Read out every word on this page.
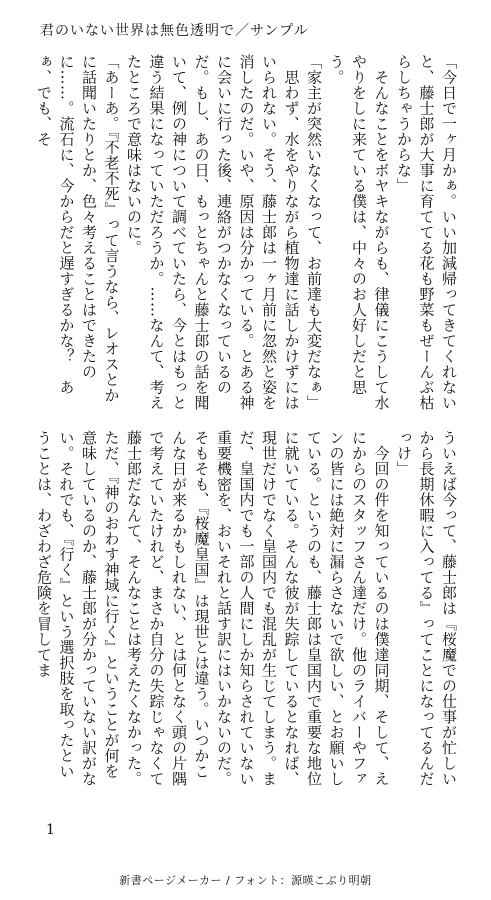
君のいない世界は無色透明で／サンプル

「今日で一ヶ月かぁ。いい加減帰ってきてくれないと、藤士郎が大事に育ててる花も野菜もぜーんぶ枯らしちゃうからな」

　そんなことをボヤキながらも、律儀にこうして水やりをしに来ている僕は、中々のお人好しだと思う。

「家主が突然いなくなって、お前達も大変だなぁ」

　思わず、水をやりながら植物達に話しかけずにはいられない。そう、藤士郎は一ヶ月前に忽然と姿を消したのだ。いや、原因は分かっている。とある神に会いに行った後、連絡がつかなくなっているのだ。もし、あの日、もっとちゃんと藤士郎の話を聞いて、例の神について調べていたら、今とはもっと違う結果になっていただろうか。……なんて、考えたところで意味はないのに。

「あーあ。『不老不死』って言うなら、レオスとかに話聞いたりとか、色々考えることはできたのに……。流石に、今からだと遅すぎるかな？　あぁ、でも、そ

ういえば今って、藤士郎は『桜魔での仕事が忙しいから長期休暇に入ってる』ってことになってるんだっけ」

　今回の件を知っているのは僕達同期、そして、えにからのスタッフさん達だけ。他のライバーやファンの皆には絶対に漏らさないで欲しい、とお願いしている。というのも、藤士郎は皇国内で重要な地位に就いている。そんな彼が失踪しているとなれば、現世だけでなく皇国内でも混乱が生じてしまう。まだ、皇国内でも一部の人間にしか知らされていない重要機密を、おいそれと話す訳にはいかないのだ。そもそも、『桜魔皇国』は現世とは違う。いつかこんな日が来るかもしれない、とは何となく頭の片隅で考えていたけれど、まさか自分の失踪じゃなくて藤士郎だなんて、そんなことは考えたくなかった。ただ、『神のおわす神域に行く』ということが何を意味しているのか、藤士郎が分かっていない訳がない。それでも、『行く』という選択肢を取ったということは、わざわざ危険を冒してま

1
新書ページメーカー / フォント：源暎こぶり明朝
